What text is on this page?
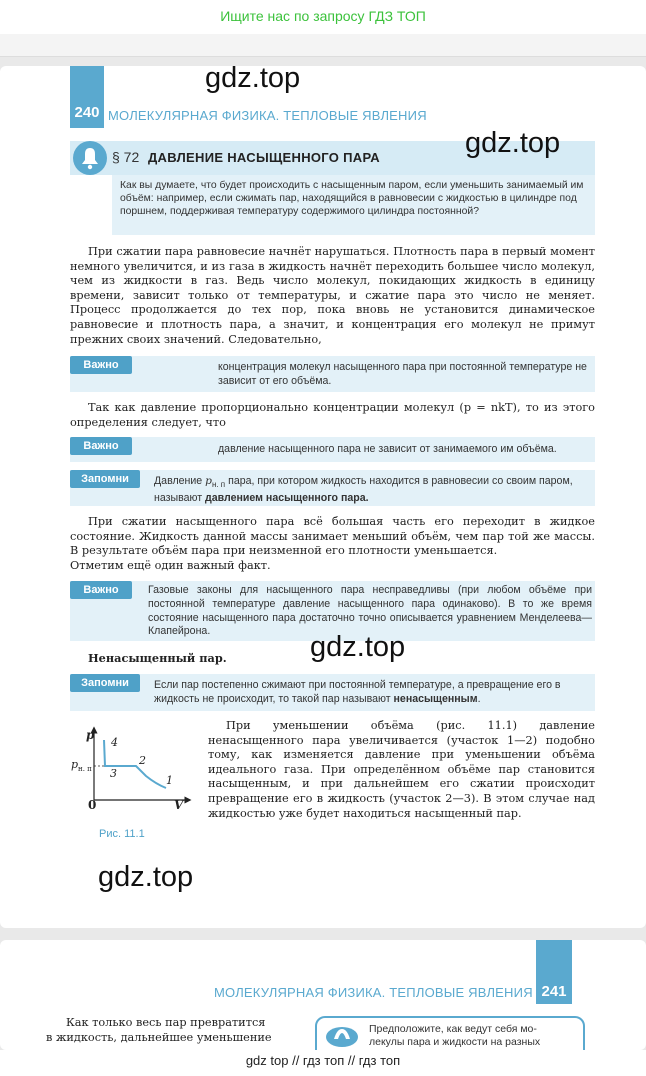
Ищите нас по запросу ГДЗ ТОП
gdz.top
240 МОЛЕКУЛЯРНАЯ ФИЗИКА. ТЕПЛОВЫЕ ЯВЛЕНИЯ
§ 72 ДАВЛЕНИЕ НАСЫЩЕННОГО ПАРА	gdz.top
Как вы думаете, что будет происходить с насыщенным паром, если уменьшить занимаемый им объём: например, если сжимать пар, находящийся в равновесии с жидкостью в цилиндре под поршнем, поддерживая температуру содержимого цилиндра постоянной?
При сжатии пара равновесие начнёт нарушаться. Плотность пара в первый момент немного увеличится, и из газа в жидкость начнёт переходить большее число молекул, чем из жидкости в газ. Ведь число молекул, покидающих жидкость в единицу времени, зависит только от температуры, и сжатие пара это число не меняет. Процесс продолжается до тех пор, пока вновь не установится динамическое равновесие и плотность пара, а значит, и концентрация его молекул не примут прежних своих значений. Следовательно,
концентрация молекул насыщенного пара при постоянной температуре не зависит от его объёма.
Важно
Так как давление пропорционально концентрации молекул (p = nkT), то из этого определения следует, что
давление насыщенного пара не зависит от занимаемого им объёма.
Важно
Давление $p_{н. п}$ пара, при котором жидкость находится в равновесии со своим паром, называют давлением насыщенного пара.
Запомни
При сжатии насыщенного пара всё большая часть его переходит в жидкое состояние. Жидкость данной массы занимает меньший объём, чем пар той же массы. В результате объём пара при неизменной его плотности уменьшается.
Отметим ещё один важный факт.
Газовые законы для насыщенного пара несправедливы (при любом объёме при постоянной температуре давление насыщенного пара одинаково). В то же время состояние насыщенного пара достаточно точно описывается уравнением Менделеева—Клапейрона.
Важно
gdz.top
Ненасыщенный пар.
Если пар постепенно сжимают при постоянной температуре, а превращение его в жидкость не происходит, то такой пар называют ненасыщенным.
Запомни
p
V
0
$p_{н. п}$
4
3
2
1
Рис. 11.1
При уменьшении объёма (рис. 11.1) давление ненасыщенного пара увеличивается (участок 1—2) подобно тому, как изменяется давление при уменьшении объёма идеального газа. При определённом объёме пар становится насыщенным, и при дальнейшем его сжатии происходит превращение его в жидкость (участок 2—3). В этом случае над жидкостью уже будет находиться насыщенный пар.
gdz.top
МОЛЕКУЛЯРНАЯ ФИЗИКА. ТЕПЛОВЫЕ ЯВЛЕНИЯ 241
Как только весь пар превратится
в жидкость, дальнейшее уменьшение
Предположите, как ведут себя мо-
лекулы пара и жидкости на разных
gdz top // гдз топ // гдз топ
